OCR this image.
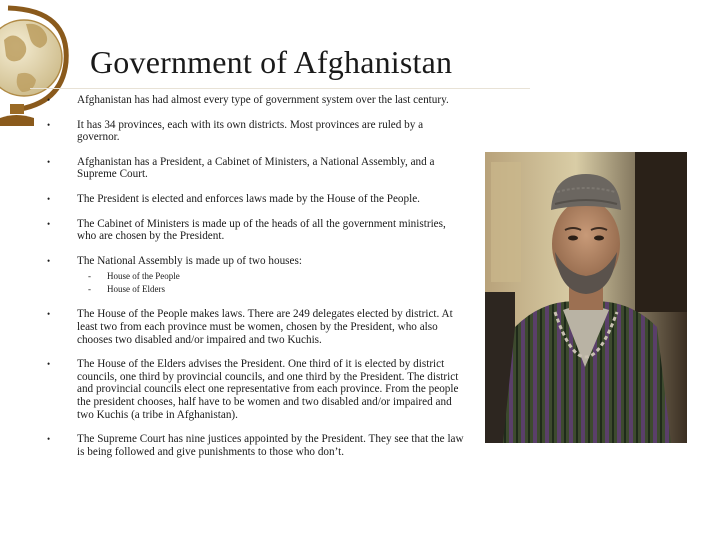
Government of Afghanistan
• Afghanistan has had almost every type of government system over the last century.
• It has 34 provinces, each with its own districts. Most provinces are ruled by a governor.
• Afghanistan has a President, a Cabinet of Ministers, a National Assembly, and a Supreme Court.
• The President is elected and enforces laws made by the House of the People.
• The Cabinet of Ministers is made up of the heads of all the government ministries, who are chosen by the President.
• The National Assembly is made up of two houses:
- House of the People
- House of Elders
• The House of the People makes laws. There are 249 delegates elected by district. At least two from each province must be women, chosen by the President, who also chooses two disabled and/or impaired and two Kuchis.
• The House of the Elders advises the President. One third of it is elected by district councils, one third by provincial councils, and one third by the President. The district and provincial councils elect one representative from each province. From the people the president chooses, half have to be women and two disabled and/or impaired and two Kuchis (a tribe in Afghanistan).
• The Supreme Court has nine justices appointed by the President. They see that the law is being followed and give punishments to those who don’t.
